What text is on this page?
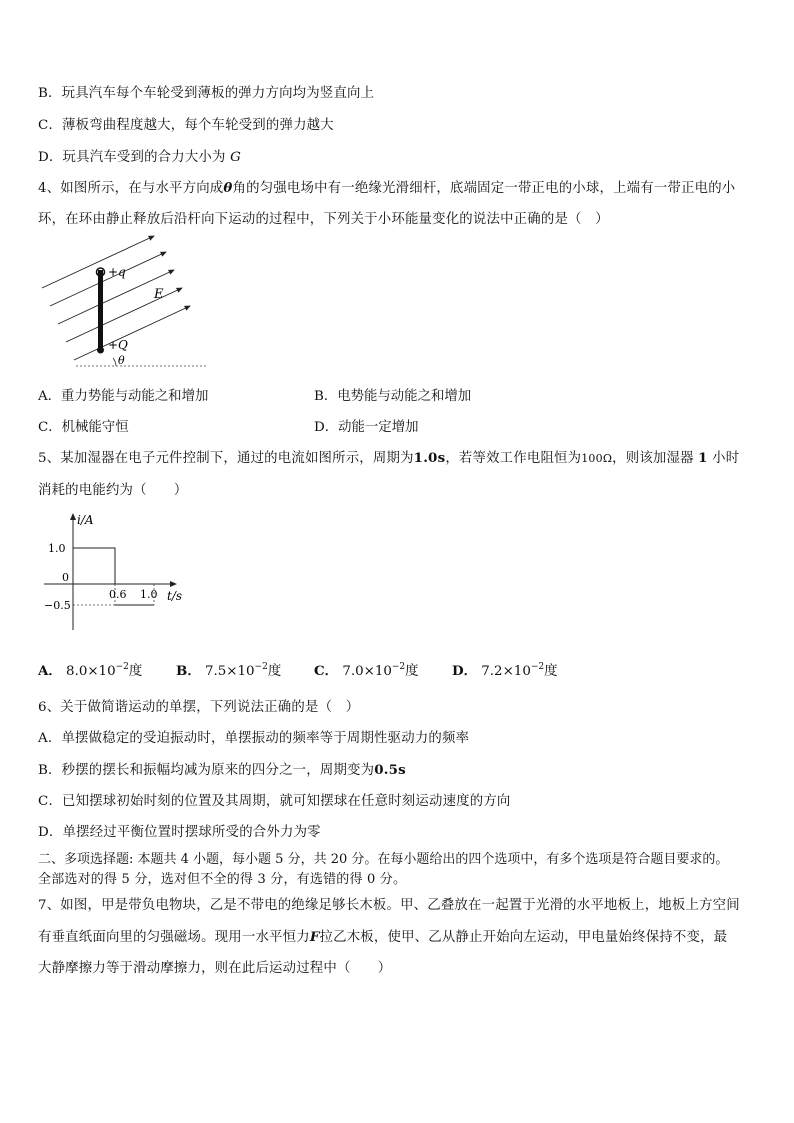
B．玩具汽车每个车轮受到薄板的弹力方向均为竖直向上
C．薄板弯曲程度越大，每个车轮受到的弹力越大
D．玩具汽车受到的合力大小为 G
4、如图所示，在与水平方向成θ角的匀强电场中有一绝缘光滑细杆，底端固定一带正电的小球，上端有一带正电的小
环，在环由静止释放后沿杆向下运动的过程中，下列关于小环能量变化的说法中正确的是（　）
+q
E
+Q
θ
A．重力势能与动能之和增加	B．电势能与动能之和增加
C．机械能守恒	D．动能一定增加
5、某加湿器在电子元件控制下，通过的电流如图所示，周期为1.0s，若等效工作电阻恒为100Ω，则该加湿器 1 小时
消耗的电能约为（　　）
i/A
t/s
1.0
0
−0.5
0.6 1.0
A． $8.0\times 10^{-2}$度	B． $7.5\times 10^{-2}$度 C． $7.0\times 10^{-2}$度 D． $7.2\times 10^{-2}$度
6、关于做简谐运动的单摆，下列说法正确的是（　）
A．单摆做稳定的受迫振动时，单摆振动的频率等于周期性驱动力的频率
B．秒摆的摆长和振幅均减为原来的四分之一，周期变为0.5s
C．已知摆球初始时刻的位置及其周期，就可知摆球在任意时刻运动速度的方向
D．单摆经过平衡位置时摆球所受的合外力为零
二、多项选择题: 本题共 4 小题，每小题 5 分，共 20 分。在每小题给出的四个选项中，有多个选项是符合题目要求的。
全部选对的得 5 分，选对但不全的得 3 分，有选错的得 0 分。
7、如图，甲是带负电物块，乙是不带电的绝缘足够长木板。甲、乙叠放在一起置于光滑的水平地板上，地板上方空间
有垂直纸面向里的匀强磁场。现用一水平恒力F拉乙木板，使甲、乙从静止开始向左运动，甲电量始终保持不变，最
大静摩擦力等于滑动摩擦力，则在此后运动过程中（　　）
